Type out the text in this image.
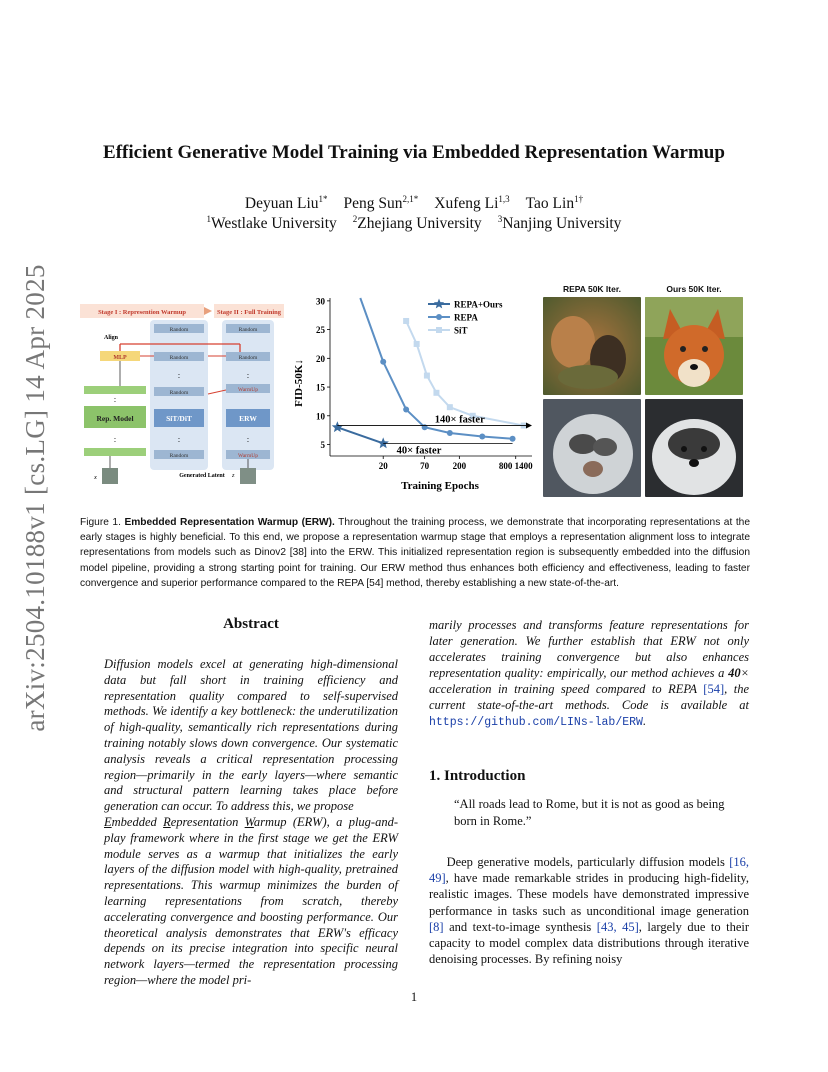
arXiv:2504.10188v1 [cs.LG] 14 Apr 2025
Efficient Generative Model Training via Embedded Representation Warmup
Deyuan Liu$^{1*}$ Peng Sun$^{2,1*}$ Xufeng Li$^{1,3}$ Tao Lin$^{1\dagger}$
$^1$Westlake University $^2$Zhejiang University $^3$Nanjing University
Stage I : Represention Warmup	Stage II : Full Training
Align
MLP
Random
Random
Random
SiT/DiT
Random
Random
Random
WarmUp
ERW
WarmUp
Rep. Model
:
:
:
:
:
:
x	Generated Latent z
5
10
15
20
25
30
20	70	200	800 1400
140× faster
40× faster
REPA+Ours
REPA
SiT
FID-50K↓
Training Epochs
REPA 50K Iter.	Ours 50K Iter.
Figure 1. Embedded Representation Warmup (ERW). Throughout the training process, we demonstrate that incorporating representations at the early stages is highly beneficial. To this end, we propose a representation warmup stage that employs a representation alignment loss to integrate representations from models such as Dinov2 [38] into the ERW. This initialized representation region is subsequently embedded into the diffusion model pipeline, providing a strong starting point for training. Our ERW method thus enhances both efficiency and effectiveness, leading to faster convergence and superior performance compared to the REPA [54] method, thereby establishing a new state-of-the-art.
Abstract
Diffusion models excel at generating high-dimensional data but fall short in training efficiency and representation quality compared to self-supervised methods. We identify a key bottleneck: the underutilization of high-quality, semantically rich representations during training notably slows down convergence. Our systematic analysis reveals a critical representation processing region—primarily in the early layers—where semantic and structural pattern learning takes place before generation can occur. To address this, we propose
Embedded Representation Warmup (ERW), a plug-and-play framework where in the first stage we get the ERW module serves as a warmup that initializes the early layers of the diffusion model with high-quality, pretrained representations. This warmup minimizes the burden of learning representations from scratch, thereby accelerating convergence and boosting performance. Our theoretical analysis demonstrates that ERW's efficacy depends on its precise integration into specific neural network layers—termed the representation processing region—where the model pri-
marily processes and transforms feature representations for later generation. We further establish that ERW not only accelerates training convergence but also enhances representation quality: empirically, our method achieves a 40× acceleration in training speed compared to REPA [54], the current state-of-the-art methods. Code is available at https://github.com/LINs-lab/ERW.
1. Introduction
“All roads lead to Rome, but it is not as good as being born in Rome.”
Deep generative models, particularly diffusion models [16, 49], have made remarkable strides in producing high-fidelity, realistic images. These models have demonstrated impressive performance in tasks such as unconditional image generation [8] and text-to-image synthesis [43, 45], largely due to their capacity to model complex data distributions through iterative denoising processes. By refining noisy
1
